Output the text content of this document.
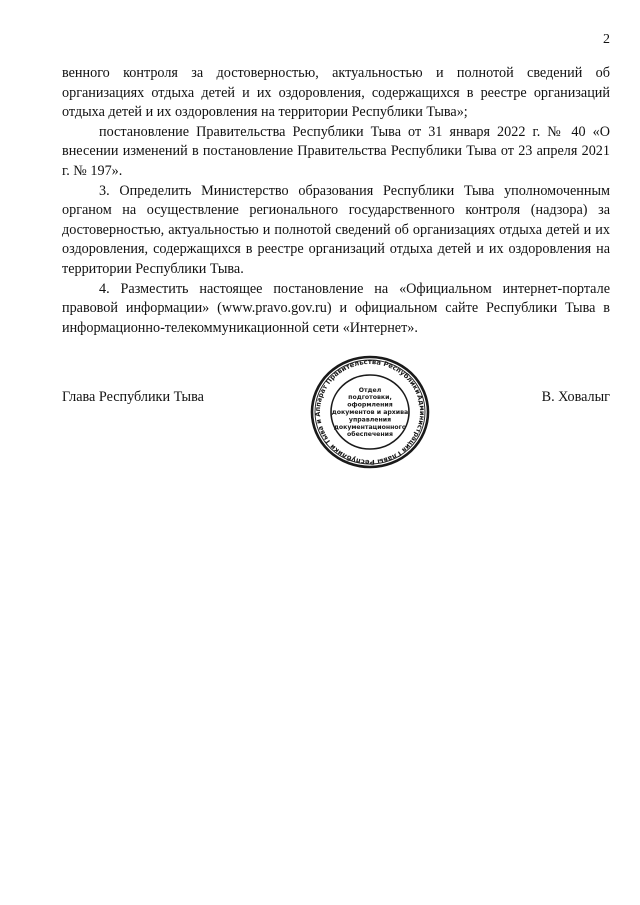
2

венного контроля за достоверностью, актуальностью и полнотой сведений об организациях отдыха детей и их оздоровления, содержащихся в реестре организаций отдыха детей и их оздоровления на территории Республики Тыва»;

постановление Правительства Республики Тыва от 31 января 2022 г. № 40 «О внесении изменений в постановление Правительства Республики Тыва от 23 апреля 2021 г. № 197».

3. Определить Министерство образования Республики Тыва уполномоченным органом на осуществление регионального государственного контроля (надзора) за достоверностью, актуальностью и полнотой сведений об организациях отдыха детей и их оздоровления, содержащихся в реестре организаций отдыха детей и их оздоровления на территории Республики Тыва.

4. Разместить настоящее постановление на «Официальном интернет-портале правовой информации» (www.pravo.gov.ru) и официальном сайте Республики Тыва в информационно-телекоммуникационной сети «Интернет».

Глава Республики Тыва	В. Ховалыг
Администрация Главы Республики Тыва и Аппарат Правительства Республики
Отдел
подготовки,
оформления
документов и архива
управления
документационного
обеспечения
